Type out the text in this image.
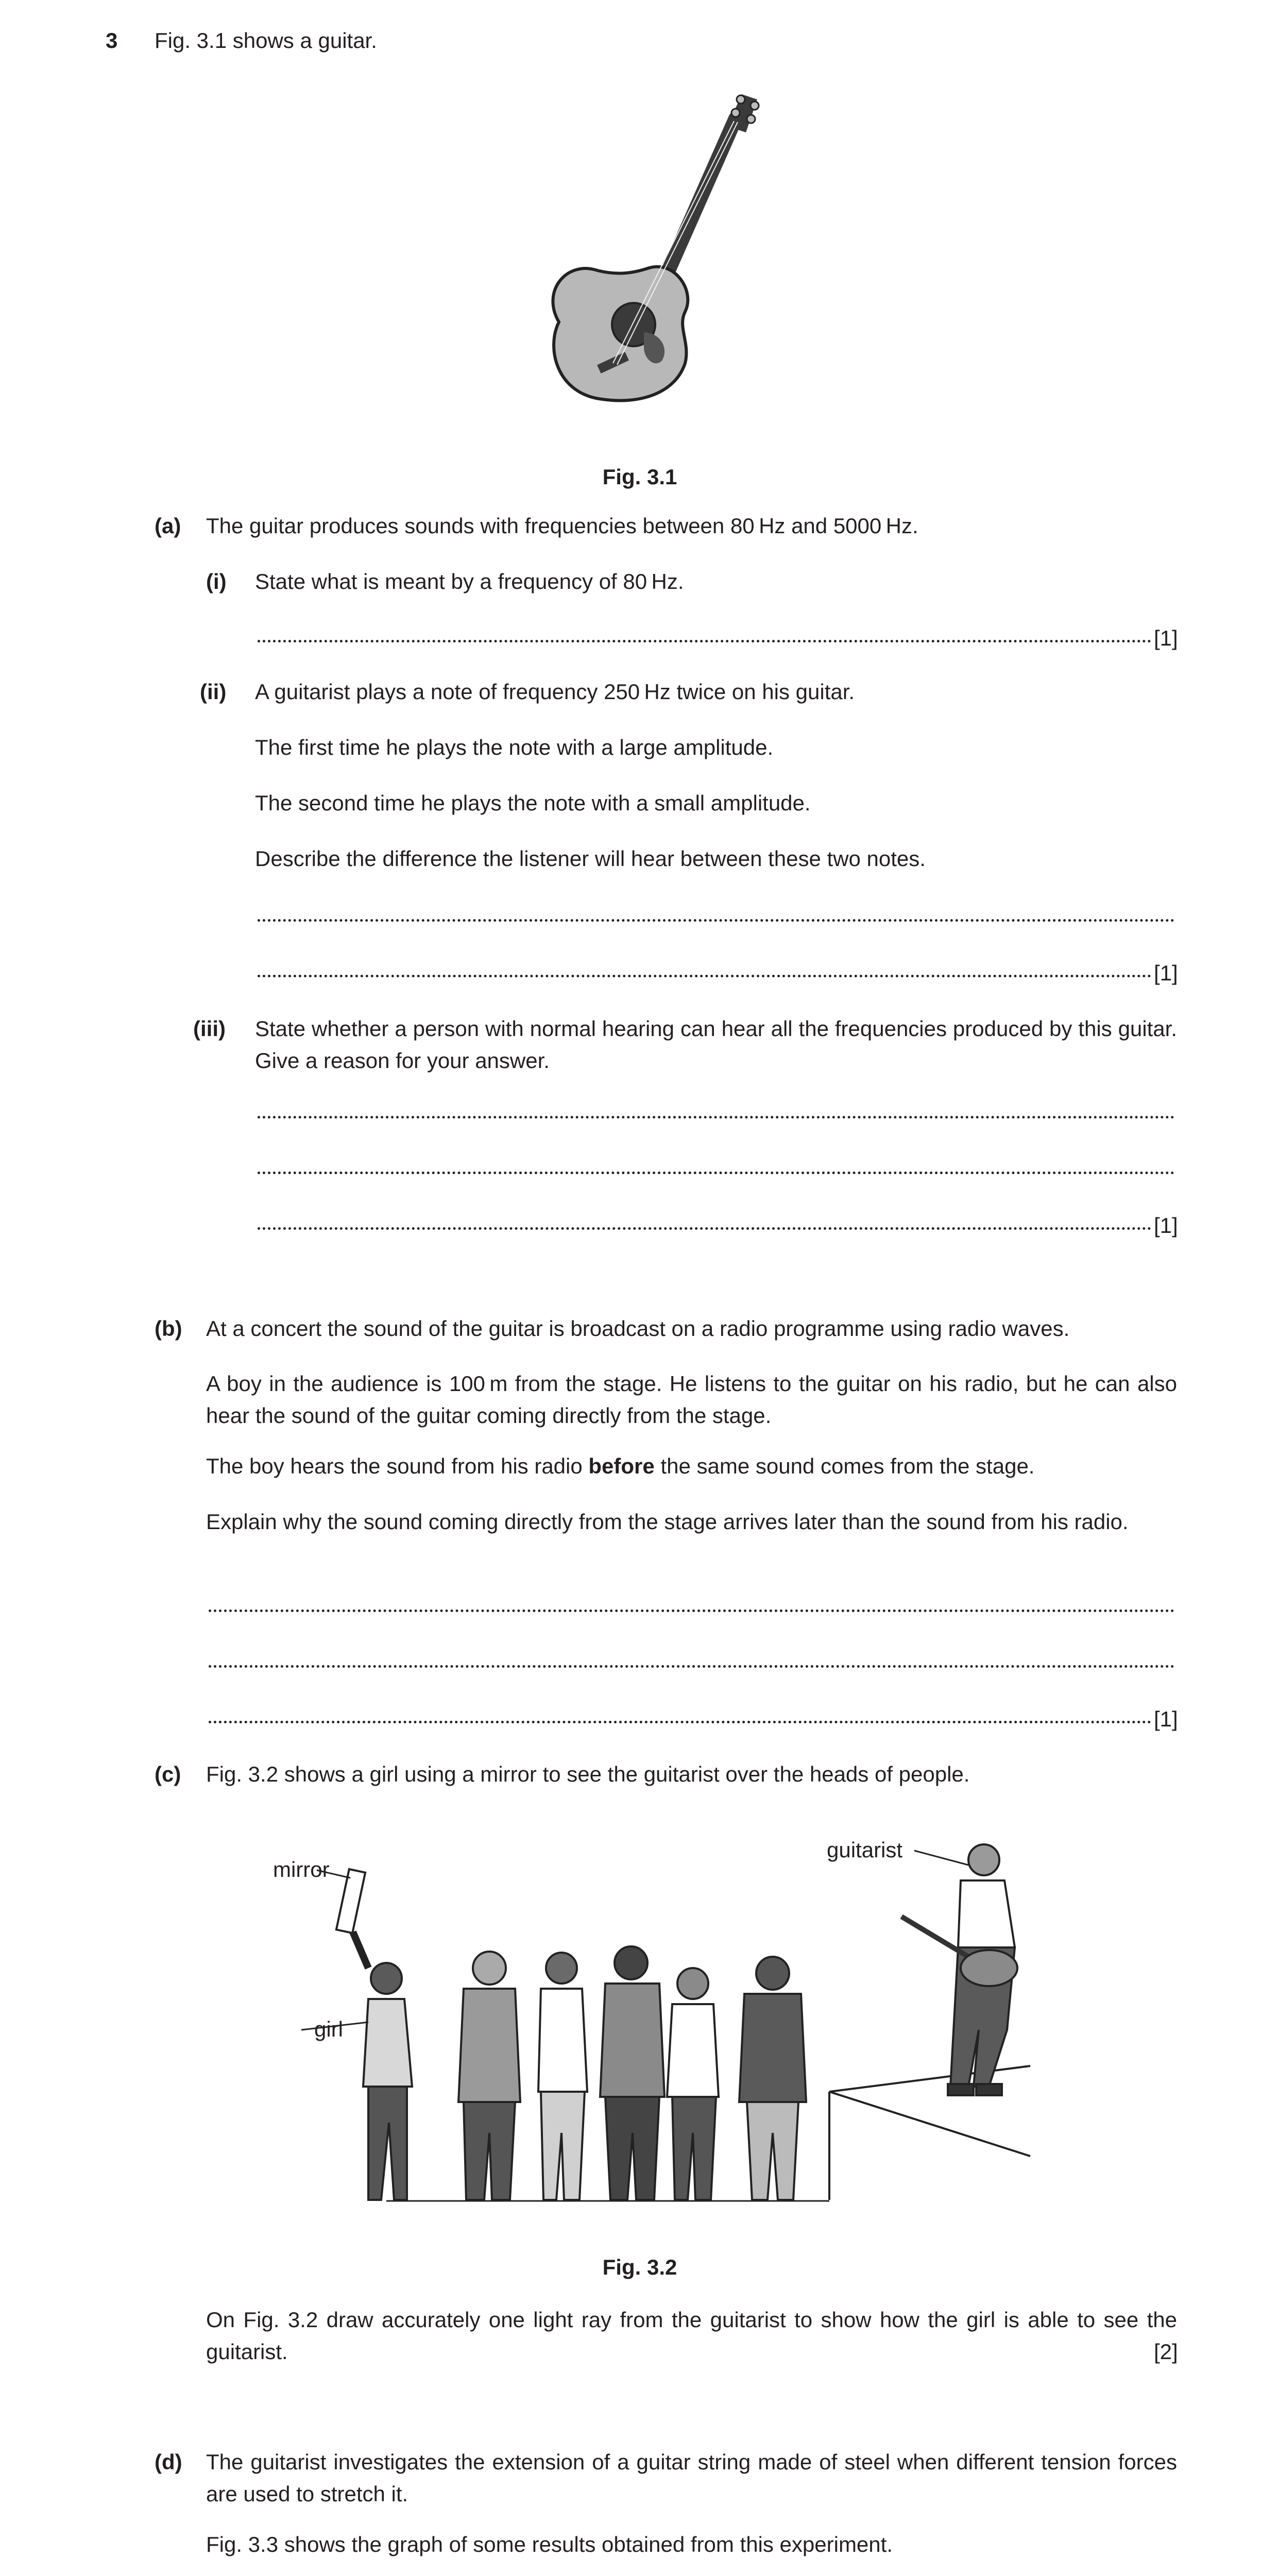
3 Fig. 3.1 shows a guitar.
Fig. 3.1
(a) The guitar produces sounds with frequencies between 80 Hz and 5000 Hz.
(i) State what is meant by a frequency of 80 Hz.
[1]
(ii) A guitarist plays a note of frequency 250 Hz twice on his guitar.
The first time he plays the note with a large amplitude.
The second time he plays the note with a small amplitude.
Describe the difference the listener will hear between these two notes.
[1]
(iii) State whether a person with normal hearing can hear all the frequencies produced by this guitar. Give a reason for your answer.
[1]
(b) At a concert the sound of the guitar is broadcast on a radio programme using radio waves.
A boy in the audience is 100 m from the stage. He listens to the guitar on his radio, but he can also hear the sound of the guitar coming directly from the stage.
The boy hears the sound from his radio before the same sound comes from the stage.
Explain why the sound coming directly from the stage arrives later than the sound from his radio.
[1]
(c) Fig. 3.2 shows a girl using a mirror to see the guitarist over the heads of people.
guitarist
mirror
girl
Fig. 3.2
On Fig. 3.2 draw accurately one light ray from the guitarist to show how the girl is able to see the guitarist.	[2]
(d) The guitarist investigates the extension of a guitar string made of steel when different tension forces are used to stretch it.
Fig. 3.3 shows the graph of some results obtained from this experiment.
